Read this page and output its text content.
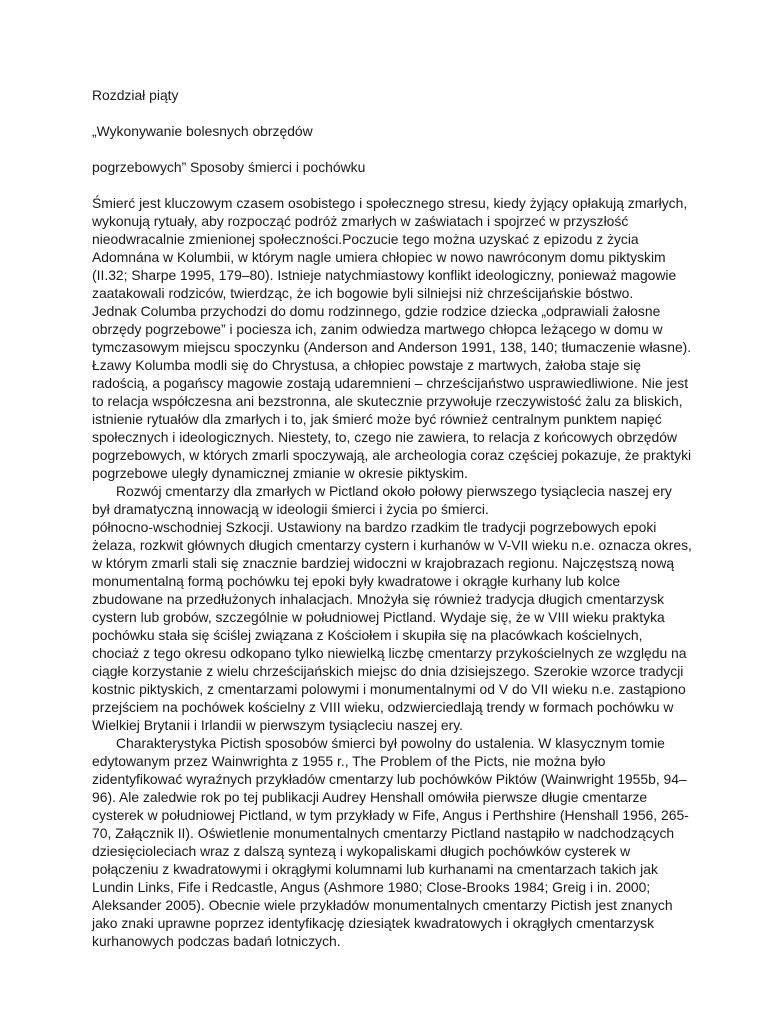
Rozdział piąty

„Wykonywanie bolesnych obrzędów

pogrzebowych” Sposoby śmierci i pochówku

Śmierć jest kluczowym czasem osobistego i społecznego stresu, kiedy żyjący opłakują zmarłych, wykonują rytuały, aby rozpocząć podróż zmarłych w zaświatach i spojrzeć w przyszłość nieodwracalnie zmienionej społeczności.Poczucie tego można uzyskać z epizodu z życia Adomnána w Kolumbii, w którym nagle umiera chłopiec w nowo nawróconym domu piktyskim (II.32; Sharpe 1995, 179–80). Istnieje natychmiastowy konflikt ideologiczny, ponieważ magowie zaatakowali rodziców, twierdząc, że ich bogowie byli silniejsi niż chrześcijańskie bóstwo.

Jednak Columba przychodzi do domu rodzinnego, gdzie rodzice dziecka „odprawiali żałosne obrzędy pogrzebowe” i pociesza ich, zanim odwiedza martwego chłopca leżącego w domu w tymczasowym miejscu spoczynku (Anderson and Anderson 1991, 138, 140; tłumaczenie własne). Łzawy Kolumba modli się do Chrystusa, a chłopiec powstaje z martwych, żałoba staje się radością, a pogańscy magowie zostają udaremnieni – chrześcijaństwo usprawiedliwione. Nie jest to relacja współczesna ani bezstronna, ale skutecznie przywołuje rzeczywistość żalu za bliskich, istnienie rytuałów dla zmarłych i to, jak śmierć może być również centralnym punktem napięć społecznych i ideologicznych. Niestety, to, czego nie zawiera, to relacja z końcowych obrzędów pogrzebowych, w których zmarli spoczywają, ale archeologia coraz częściej pokazuje, że praktyki pogrzebowe uległy dynamicznej zmianie w okresie piktyskim.

Rozwój cmentarzy dla zmarłych w Pictland około połowy pierwszego tysiąclecia naszej ery był dramatyczną innowacją w ideologii śmierci i życia po śmierci.

północno-wschodniej Szkocji. Ustawiony na bardzo rzadkim tle tradycji pogrzebowych epoki żelaza, rozkwit głównych długich cmentarzy cystern i kurhanów w V-VII wieku n.e. oznacza okres, w którym zmarli stali się znacznie bardziej widoczni w krajobrazach regionu. Najczęstszą nową monumentalną formą pochówku tej epoki były kwadratowe i okrągłe kurhany lub kolce zbudowane na przedłużonych inhalacjach. Mnożyła się również tradycja długich cmentarzysk cystern lub grobów, szczególnie w południowej Pictland. Wydaje się, że w VIII wieku praktyka pochówku stała się ściślej związana z Kościołem i skupiła się na placówkach kościelnych, chociaż z tego okresu odkopano tylko niewielką liczbę cmentarzy przykościelnych ze względu na ciągłe korzystanie z wielu chrześcijańskich miejsc do dnia dzisiejszego. Szerokie wzorce tradycji kostnic piktyskich, z cmentarzami polowymi i monumentalnymi od V do VII wieku n.e. zastąpiono przejściem na pochówek kościelny z VIII wieku, odzwierciedlają trendy w formach pochówku w Wielkiej Brytanii i Irlandii w pierwszym tysiącleciu naszej ery.

Charakterystyka Pictish sposobów śmierci był powolny do ustalenia. W klasycznym tomie edytowanym przez Wainwrighta z 1955 r., The Problem of the Picts, nie można było zidentyfikować wyraźnych przykładów cmentarzy lub pochówków Piktów (Wainwright 1955b, 94–96). Ale zaledwie rok po tej publikacji Audrey Henshall omówiła pierwsze długie cmentarze cysterek w południowej Pictland, w tym przykłady w Fife, Angus i Perthshire (Henshall 1956, 265-70, Załącznik II). Oświetlenie monumentalnych cmentarzy Pictland nastąpiło w nadchodzących dziesięcioleciach wraz z dalszą syntezą i wykopaliskami długich pochówków cysterek w połączeniu z kwadratowymi i okrągłymi kolumnami lub kurhanami na cmentarzach takich jak Lundin Links, Fife i Redcastle, Angus (Ashmore 1980; Close-Brooks 1984; Greig i in. 2000; Aleksander 2005). Obecnie wiele przykładów monumentalnych cmentarzy Pictish jest znanych jako znaki uprawne poprzez identyfikację dziesiątek kwadratowych i okrągłych cmentarzysk kurhanowych podczas badań lotniczych.
